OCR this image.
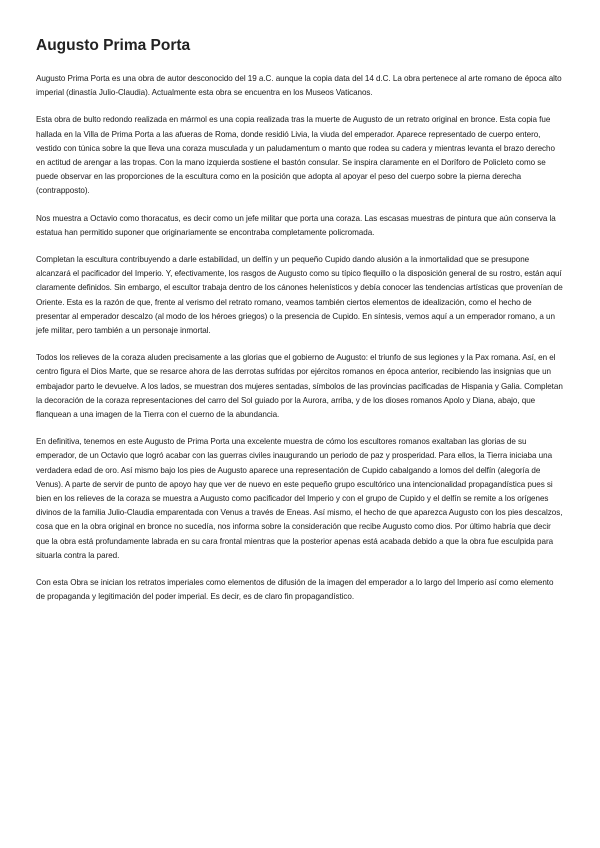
Augusto Prima Porta

Augusto Prima Porta es una obra de autor desconocido del 19 a.C. aunque la copia data del 14 d.C. La obra pertenece al arte romano de época alto imperial (dinastía Julio-Claudia). Actualmente esta obra se encuentra en los Museos Vaticanos.

Esta obra de bulto redondo realizada en mármol es una copia realizada tras la muerte de Augusto de un retrato original en bronce. Esta copia fue hallada en la Villa de Prima Porta a las afueras de Roma, donde residió Livia, la viuda del emperador. Aparece representado de cuerpo entero, vestido con túnica sobre la que lleva una coraza musculada y un paludamentum o manto que rodea su cadera y mientras levanta el brazo derecho en actitud de arengar a las tropas. Con la mano izquierda sostiene el bastón consular. Se inspira claramente en el Doríforo de Policleto como se puede observar en las proporciones de la escultura como en la posición que adopta al apoyar el peso del cuerpo sobre la pierna derecha (contrapposto).

Nos muestra a Octavio como thoracatus, es decir como un jefe militar que porta una coraza. Las escasas muestras de pintura que aún conserva la estatua han permitido suponer que originariamente se encontraba completamente policromada.

Completan la escultura contribuyendo a darle estabilidad, un delfín y un pequeño Cupido dando alusión a la inmortalidad que se presupone alcanzará el pacificador del Imperio. Y, efectivamente, los rasgos de Augusto como su típico flequillo o la disposición general de su rostro, están aquí claramente definidos. Sin embargo, el escultor trabaja dentro de los cánones helenísticos y debía conocer las tendencias artísticas que provenían de Oriente. Esta es la razón de que, frente al verismo del retrato romano, veamos también ciertos elementos de idealización, como el hecho de presentar al emperador descalzo (al modo de los héroes griegos) o la presencia de Cupido. En síntesis, vemos aquí a un emperador romano, a un jefe militar, pero también a un personaje inmortal.

Todos los relieves de la coraza aluden precisamente a las glorias que el gobierno de Augusto: el triunfo de sus legiones y la Pax romana. Así, en el centro figura el Dios Marte, que se resarce ahora de las derrotas sufridas por ejércitos romanos en época anterior, recibiendo las insignias que un embajador parto le devuelve. A los lados, se muestran dos mujeres sentadas, símbolos de las provincias pacificadas de Hispania y Galia. Completan la decoración de la coraza representaciones del carro del Sol guiado por la Aurora, arriba, y de los dioses romanos Apolo y Diana, abajo, que flanquean a una imagen de la Tierra con el cuerno de la abundancia.

En definitiva, tenemos en este Augusto de Prima Porta una excelente muestra de cómo los escultores romanos exaltaban las glorias de su emperador, de un Octavio que logró acabar con las guerras civiles inaugurando un periodo de paz y prosperidad. Para ellos, la Tierra iniciaba una verdadera edad de oro. Así mismo bajo los pies de Augusto aparece una representación de Cupido cabalgando a lomos del delfín (alegoría de Venus). A parte de servir de punto de apoyo hay que ver de nuevo en este pequeño grupo escultórico una intencionalidad propagandística pues si bien en los relieves de la coraza se muestra a Augusto como pacificador del Imperio y con el grupo de Cupido y el delfín se remite a los orígenes divinos de la familia Julio-Claudia emparentada con Venus a través de Eneas. Así mismo, el hecho de que aparezca Augusto con los pies descalzos, cosa que en la obra original en bronce no sucedía, nos informa sobre la consideración que recibe Augusto como dios. Por último habría que decir que la obra está profundamente labrada en su cara frontal mientras que la posterior apenas está acabada debido a que la obra fue esculpida para situarla contra la pared.

Con esta Obra se inician los retratos imperiales como elementos de difusión de la imagen del emperador a lo largo del Imperio así como elemento de propaganda y legitimación del poder imperial. Es decir, es de claro fin propagandístico.
